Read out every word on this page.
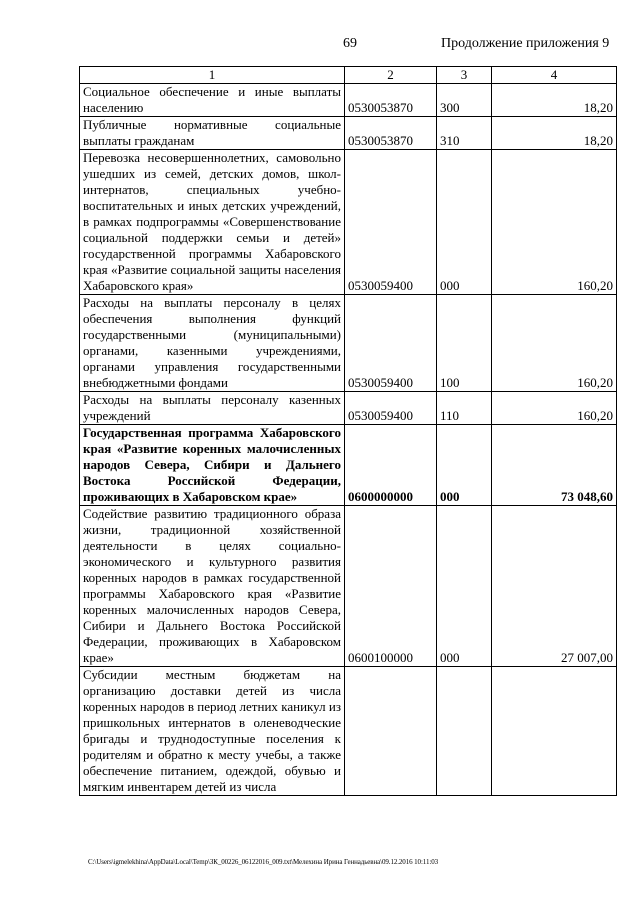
69	Продолжение приложения 9
1	2	3	4
Социальное обеспечение и иные выплаты населению	0530053870	300	18,20
Публичные нормативные социальные выплаты гражданам	0530053870	310	18,20
Перевозка несовершеннолетних, самовольно ушедших из семей, детских домов, школ-интернатов, специальных учебно-воспитательных и иных детских учреждений, в рамках подпрограммы «Совершенствование социальной поддержки семьи и детей» государственной программы Хабаровского края «Развитие социальной защиты населения Хабаровского края»	0530059400	000	160,20
Расходы на выплаты персоналу в целях обеспечения выполнения функций государственными (муниципальными) органами, казенными учреждениями, органами управления государственными внебюджетными фондами	0530059400	100	160,20
Расходы на выплаты персоналу казенных учреждений	0530059400	110	160,20
Государственная программа Хабаровского края «Развитие коренных малочисленных народов Севера, Сибири и Дальнего Востока Российской Федерации, проживающих в Хабаровском крае»	0600000000	000	73 048,60
Содействие развитию традиционного образа жизни, традиционной хозяйственной деятельности в целях социально-экономического и культурного развития коренных народов в рамках государственной программы Хабаровского края «Развитие коренных малочисленных народов Севера, Сибири и Дальнего Востока Российской Федерации, проживающих в Хабаровском крае»	0600100000	000	27 007,00
Субсидии местным бюджетам на организацию доставки детей из числа коренных народов в период летних каникул из пришкольных интернатов в оленеводческие бригады и труднодоступные поселения к родителям и обратно к месту учебы, а также обеспечение питанием, одеждой, обувью и мягким инвентарем детей из числа			
C:\Users\igmelekhina\AppData\Local\Temp\ЗК_00226_06122016_009.txt\Мелехина Ирина Геннадьевна\09.12.2016 10:11:03
